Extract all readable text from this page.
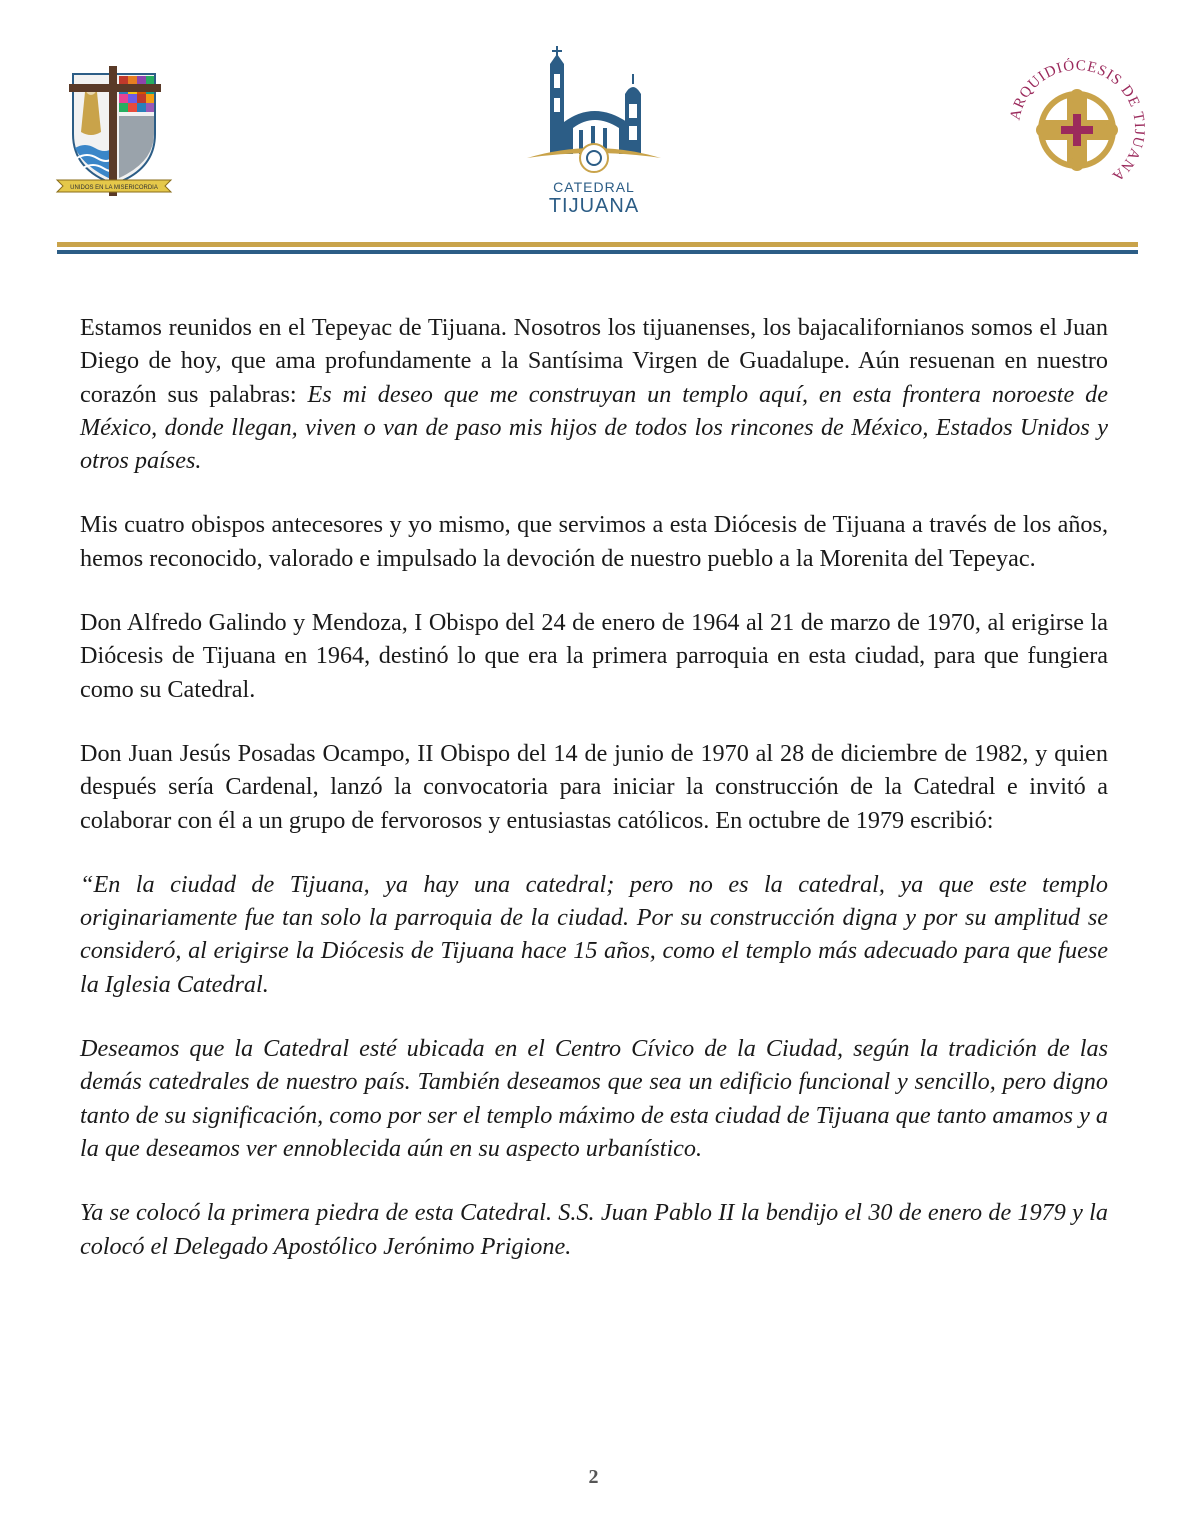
UNIDOS EN LA MISERICORDIA	CATEDRAL
TIJUANA
ARQUIDIÓCESIS DE TIJUANA

Estamos reunidos en el Tepeyac de Tijuana. Nosotros los tijuanenses, los bajacalifornianos somos el Juan Diego de hoy, que ama profundamente a la Santísima Virgen de Guadalupe. Aún resuenan en nuestro corazón sus palabras: Es mi deseo que me construyan un templo aquí, en esta frontera noroeste de México, donde llegan, viven o van de paso mis hijos de todos los rincones de México, Estados Unidos y otros países.

Mis cuatro obispos antecesores y yo mismo, que servimos a esta Diócesis de Tijuana a través de los años, hemos reconocido, valorado e impulsado la devoción de nuestro pueblo a la Morenita del Tepeyac.

Don Alfredo Galindo y Mendoza, I Obispo del 24 de enero de 1964 al 21 de marzo de 1970, al erigirse la Diócesis de Tijuana en 1964, destinó lo que era la primera parroquia en esta ciudad, para que fungiera como su Catedral.

Don Juan Jesús Posadas Ocampo, II Obispo del 14 de junio de 1970 al 28 de diciembre de 1982, y quien después sería Cardenal, lanzó la convocatoria para iniciar la construcción de la Catedral e invitó a colaborar con él a un grupo de fervorosos y entusiastas católicos. En octubre de 1979 escribió:

“En la ciudad de Tijuana, ya hay una catedral; pero no es la catedral, ya que este templo originariamente fue tan solo la parroquia de la ciudad. Por su construcción digna y por su amplitud se consideró, al erigirse la Diócesis de Tijuana hace 15 años, como el templo más adecuado para que fuese la Iglesia Catedral.

Deseamos que la Catedral esté ubicada en el Centro Cívico de la Ciudad, según la tradición de las demás catedrales de nuestro país. También deseamos que sea un edificio funcional y sencillo, pero digno tanto de su significación, como por ser el templo máximo de esta ciudad de Tijuana que tanto amamos y a la que deseamos ver ennoblecida aún en su aspecto urbanístico.

Ya se colocó la primera piedra de esta Catedral. S.S. Juan Pablo II la bendijo el 30 de enero de 1979 y la colocó el Delegado Apostólico Jerónimo Prigione.

2
